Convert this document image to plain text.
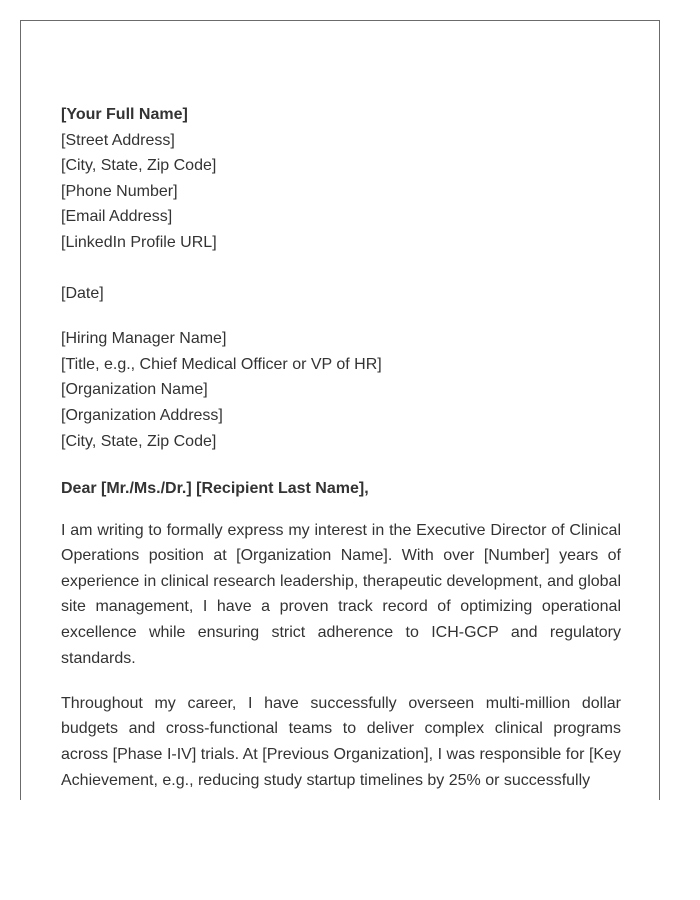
[Your Full Name]
[Street Address]
[City, State, Zip Code]
[Phone Number]
[Email Address]
[LinkedIn Profile URL]
[Date]
[Hiring Manager Name]
[Title, e.g., Chief Medical Officer or VP of HR]
[Organization Name]
[Organization Address]
[City, State, Zip Code]
Dear [Mr./Ms./Dr.] [Recipient Last Name],

I am writing to formally express my interest in the Executive Director of Clinical Operations position at [Organization Name]. With over [Number] years of experience in clinical research leadership, therapeutic development, and global site management, I have a proven track record of optimizing operational excellence while ensuring strict adherence to ICH-GCP and regulatory standards.

Throughout my career, I have successfully overseen multi-million dollar budgets and cross-functional teams to deliver complex clinical programs across [Phase I-IV] trials. At [Previous Organization], I was responsible for [Key Achievement, e.g., reducing study startup timelines by 25% or successfully
